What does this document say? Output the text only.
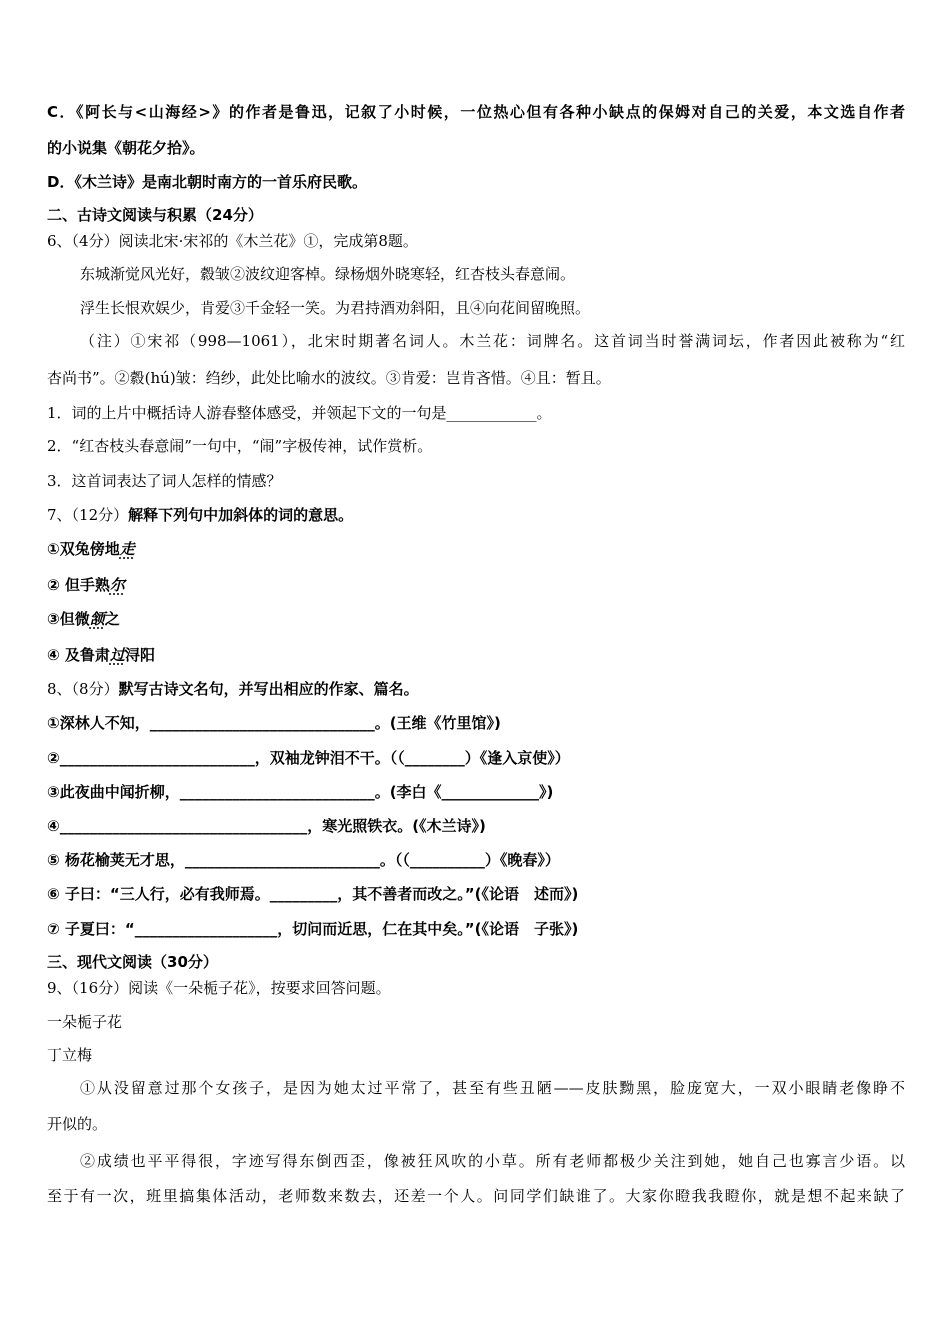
C．《阿长与<山海经>》的作者是鲁迅，记叙了小时候，一位热心但有各种小缺点的保姆对自己的关爱，本文选自作者
的小说集《朝花夕拾》。
D．《木兰诗》是南北朝时南方的一首乐府民歌。
二、古诗文阅读与积累（24分）
6、（4分）阅读北宋·宋祁的《木兰花》①，完成第8题。
东城渐觉风光好，縠皱②波纹迎客棹。绿杨烟外晓寒轻，红杏枝头春意闹。
浮生长恨欢娱少，肯爱③千金轻一笑。为君持酒劝斜阳，且④向花间留晚照。
（注）①宋祁（998—1061），北宋时期著名词人。木兰花：词牌名。这首词当时誉满词坛，作者因此被称为“红
杏尚书”。②縠(hú)皱：绉纱，此处比喻水的波纹。③肯爱：岂肯吝惜。④且：暂且。
1．词的上片中概括诗人游春整体感受，并领起下文的一句是____________。
2．“红杏枝头春意闹”一句中，“闹”字极传神，试作赏析。
3．这首词表达了词人怎样的情感？
7、（12分）解释下列句中加斜体的词的意思。
①双兔傍地走
② 但手熟尔
③但微颔之
④ 及鲁肃过浔阳
8、（8分）默写古诗文名句，并写出相应的作家、篇名。
①深林人不知，______________________________。(王维《竹里馆》)
②__________________________，双袖龙钟泪不干。（（________）《逢入京使》）
③此夜曲中闻折柳，__________________________。(李白《_____________》)
④_________________________________，寒光照铁衣。(《木兰诗》)
⑤ 杨花榆荚无才思，__________________________。（（__________）《晚春》）
⑥ 子曰：“三人行，必有我师焉。_________，其不善者而改之。”(《论语　述而》)
⑦ 子夏曰：“___________________，切问而近思，仁在其中矣。”(《论语　子张》)
三、现代文阅读（30分）
9、（16分）阅读《一朵栀子花》，按要求回答问题。
一朵栀子花
丁立梅
①从没留意过那个女孩子，是因为她太过平常了，甚至有些丑陋——皮肤黝黑，脸庞宽大，一双小眼睛老像睁不
开似的。
②成绩也平平得很，字迹写得东倒西歪，像被狂风吹的小草。所有老师都极少关注到她，她自己也寡言少语。以
至于有一次，班里搞集体活动，老师数来数去，还差一个人。问同学们缺谁了。大家你瞪我我瞪你，就是想不起来缺了
